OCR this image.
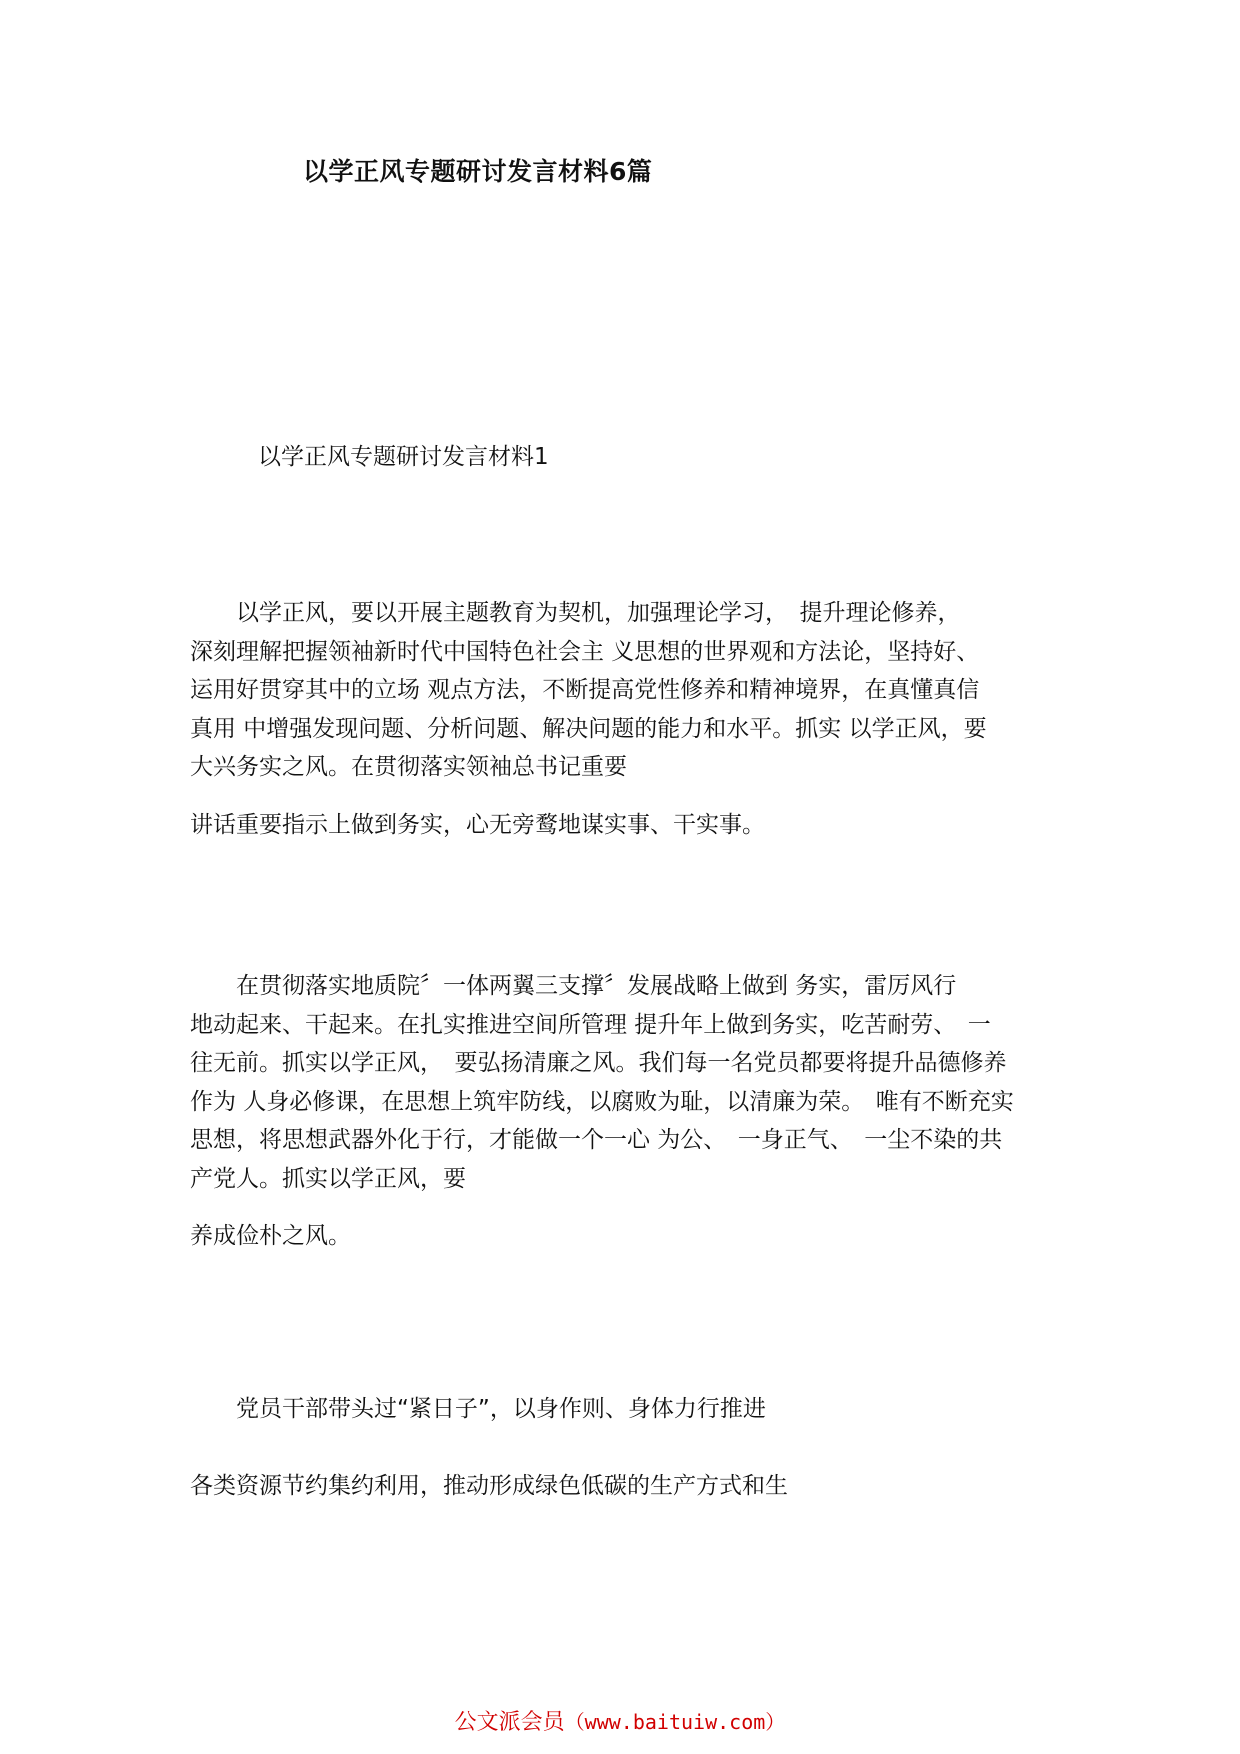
以学正风专题研讨发言材料6篇
以学正风专题研讨发言材料1
　　以学正风，要以开展主题教育为契机，加强理论学习，　提升理论修养，
深刻理解把握领袖新时代中国特色社会主 义思想的世界观和方法论，坚持好、
运用好贯穿其中的立场 观点方法，不断提高党性修养和精神境界，在真懂真信
真用 中增强发现问题、分析问题、解决问题的能力和水平。抓实 以学正风，要
大兴务实之风。在贯彻落实领袖总书记重要
讲话重要指示上做到务实，心无旁鹜地谋实事、干实事。
　　在贯彻落实地质院〞一体两翼三支撑〞发展战略上做到 务实，雷厉风行
地动起来、干起来。在扎实推进空间所管理 提升年上做到务实，吃苦耐劳、　一
往无前。抓实以学正风，　要弘扬清廉之风。我们每一名党员都要将提升品德修养
作为 人身必修课，在思想上筑牢防线，以腐败为耻，以清廉为荣。　唯有不断充实
思想，将思想武器外化于行，才能做一个一心 为公、　一身正气、　一尘不染的共
产党人。抓实以学正风，要
养成俭朴之风。
　　党员干部带头过“紧日子”，以身作则、身体力行推进
各类资源节约集约利用，推动形成绿色低碳的生产方式和生
公文派会员（www.baituiw.com）
